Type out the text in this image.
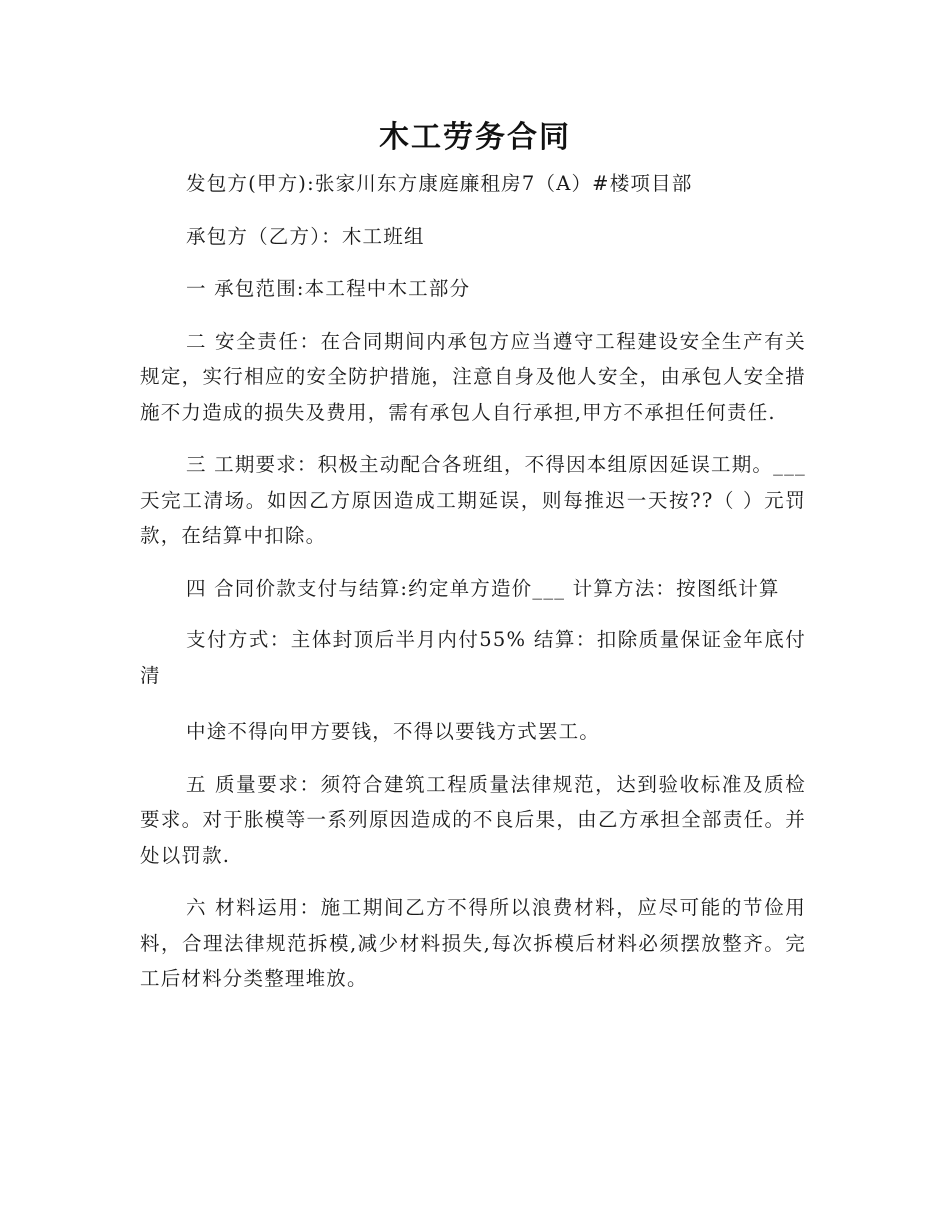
木工劳务合同

发包方(甲方):张家川东方康庭廉租房7（A）#楼项目部

承包方（乙方）：木工班组

一 承包范围:本工程中木工部分

二 安全责任：在合同期间内承包方应当遵守工程建设安全生产有关规定，实行相应的安全防护措施，注意自身及他人安全，由承包人安全措施不力造成的损失及费用，需有承包人自行承担,甲方不承担任何责任.

三 工期要求：积极主动配合各班组，不得因本组原因延误工期。___天完工清场。如因乙方原因造成工期延误，则每推迟一天按??（ ）元罚款，在结算中扣除。

四 合同价款支付与结算:约定单方造价___ 计算方法：按图纸计算

支付方式：主体封顶后半月内付55% 结算：扣除质量保证金年底付清

中途不得向甲方要钱，不得以要钱方式罢工。

五 质量要求：须符合建筑工程质量法律规范，达到验收标准及质检要求。对于胀模等一系列原因造成的不良后果，由乙方承担全部责任。并处以罚款.

六 材料运用：施工期间乙方不得所以浪费材料，应尽可能的节俭用料，合理法律规范拆模,减少材料损失,每次拆模后材料必须摆放整齐。完工后材料分类整理堆放。
